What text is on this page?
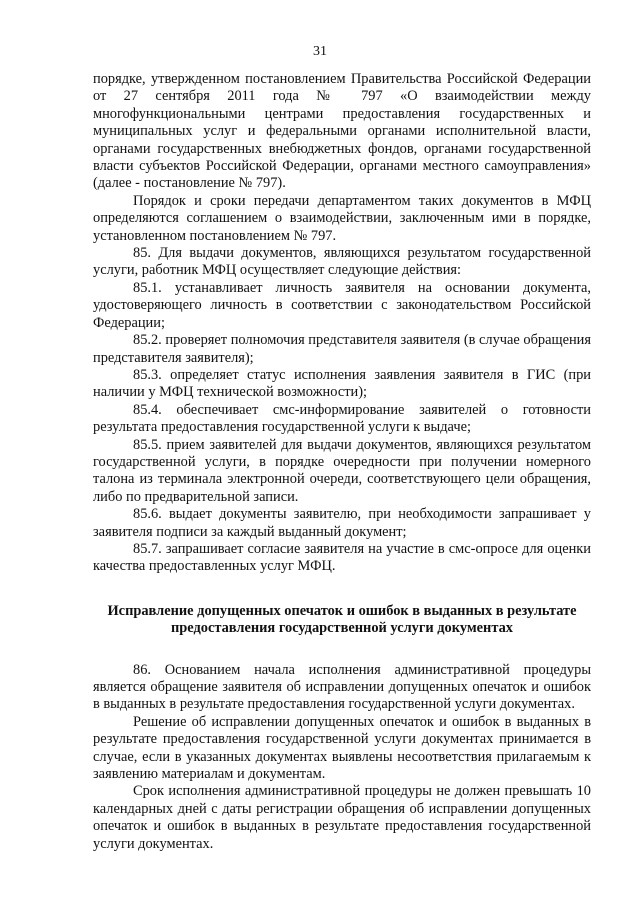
31

порядке, утвержденном постановлением Правительства Российской Федерации от 27 сентября 2011 года № 797 «О взаимодействии между многофункциональными центрами предоставления государственных и муниципальных услуг и федеральными органами исполнительной власти, органами государственных внебюджетных фондов, органами государственной власти субъектов Российской Федерации, органами местного самоуправления» (далее - постановление № 797).

Порядок и сроки передачи департаментом таких документов в МФЦ определяются соглашением о взаимодействии, заключенным ими в порядке, установленном постановлением № 797.

85. Для выдачи документов, являющихся результатом государственной услуги, работник МФЦ осуществляет следующие действия:

85.1. устанавливает личность заявителя на основании документа, удостоверяющего личность в соответствии с законодательством Российской Федерации;

85.2. проверяет полномочия представителя заявителя (в случае обращения представителя заявителя);

85.3. определяет статус исполнения заявления заявителя в ГИС (при наличии у МФЦ технической возможности);

85.4. обеспечивает смс-информирование заявителей о готовности результата предоставления государственной услуги к выдаче;

85.5. прием заявителей для выдачи документов, являющихся результатом государственной услуги, в порядке очередности при получении номерного талона из терминала электронной очереди, соответствующего цели обращения, либо по предварительной записи.

85.6. выдает документы заявителю, при необходимости запрашивает у заявителя подписи за каждый выданный документ;

85.7. запрашивает согласие заявителя на участие в смс-опросе для оценки качества предоставленных услуг МФЦ.

Исправление допущенных опечаток и ошибок в выданных в результате предоставления государственной услуги документах

86. Основанием начала исполнения административной процедуры является обращение заявителя об исправлении допущенных опечаток и ошибок в выданных в результате предоставления государственной услуги документах.

Решение об исправлении допущенных опечаток и ошибок в выданных в результате предоставления государственной услуги документах принимается в случае, если в указанных документах выявлены несоответствия прилагаемым к заявлению материалам и документам.

Срок исполнения административной процедуры не должен превышать 10 календарных дней с даты регистрации обращения об исправлении допущенных опечаток и ошибок в выданных в результате предоставления государственной услуги документах.
